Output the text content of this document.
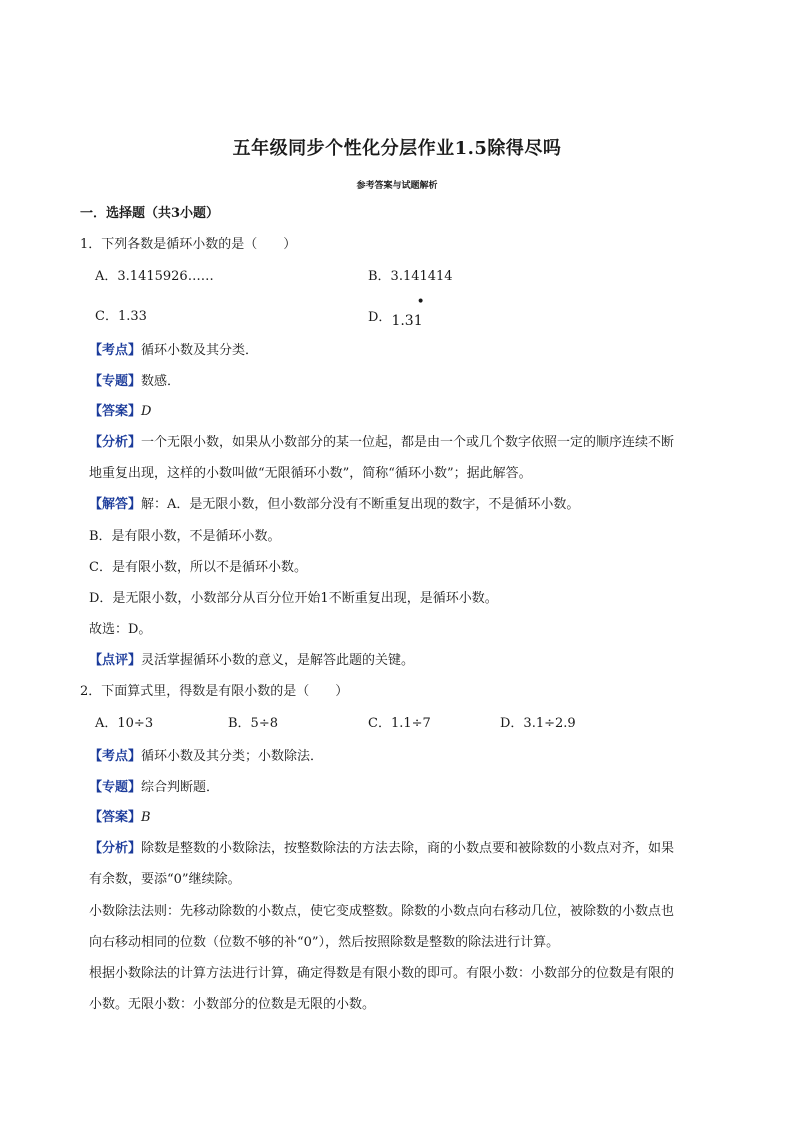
五年级同步个性化分层作业1.5除得尽吗
参考答案与试题解析
一．选择题（共3小题）
1．下列各数是循环小数的是（　　）
A．3.1415926……	B．3.141414
C．1.33	D．
•
1.31
【考点】循环小数及其分类．
【专题】数感．
【答案】D
【分析】一个无限小数，如果从小数部分的某一位起，都是由一个或几个数字依照一定的顺序连续不断
地重复出现，这样的小数叫做“无限循环小数”，简称“循环小数”；据此解答。
【解答】解：A．是无限小数，但小数部分没有不断重复出现的数字，不是循环小数。
B．是有限小数，不是循环小数。
C．是有限小数，所以不是循环小数。
D．是无限小数，小数部分从百分位开始1不断重复出现，是循环小数。
故选：D。
【点评】灵活掌握循环小数的意义，是解答此题的关键。
2．下面算式里，得数是有限小数的是（　　）
A．10÷3	B．5÷8	C．1.1÷7	D．3.1÷2.9
【考点】循环小数及其分类；小数除法．
【专题】综合判断题．
【答案】B
【分析】除数是整数的小数除法，按整数除法的方法去除，商的小数点要和被除数的小数点对齐，如果
有余数，要添“0”继续除。
小数除法法则：先移动除数的小数点，使它变成整数。除数的小数点向右移动几位，被除数的小数点也
向右移动相同的位数（位数不够的补“0”），然后按照除数是整数的除法进行计算。
根据小数除法的计算方法进行计算，确定得数是有限小数的即可。有限小数：小数部分的位数是有限的
小数。无限小数：小数部分的位数是无限的小数。
